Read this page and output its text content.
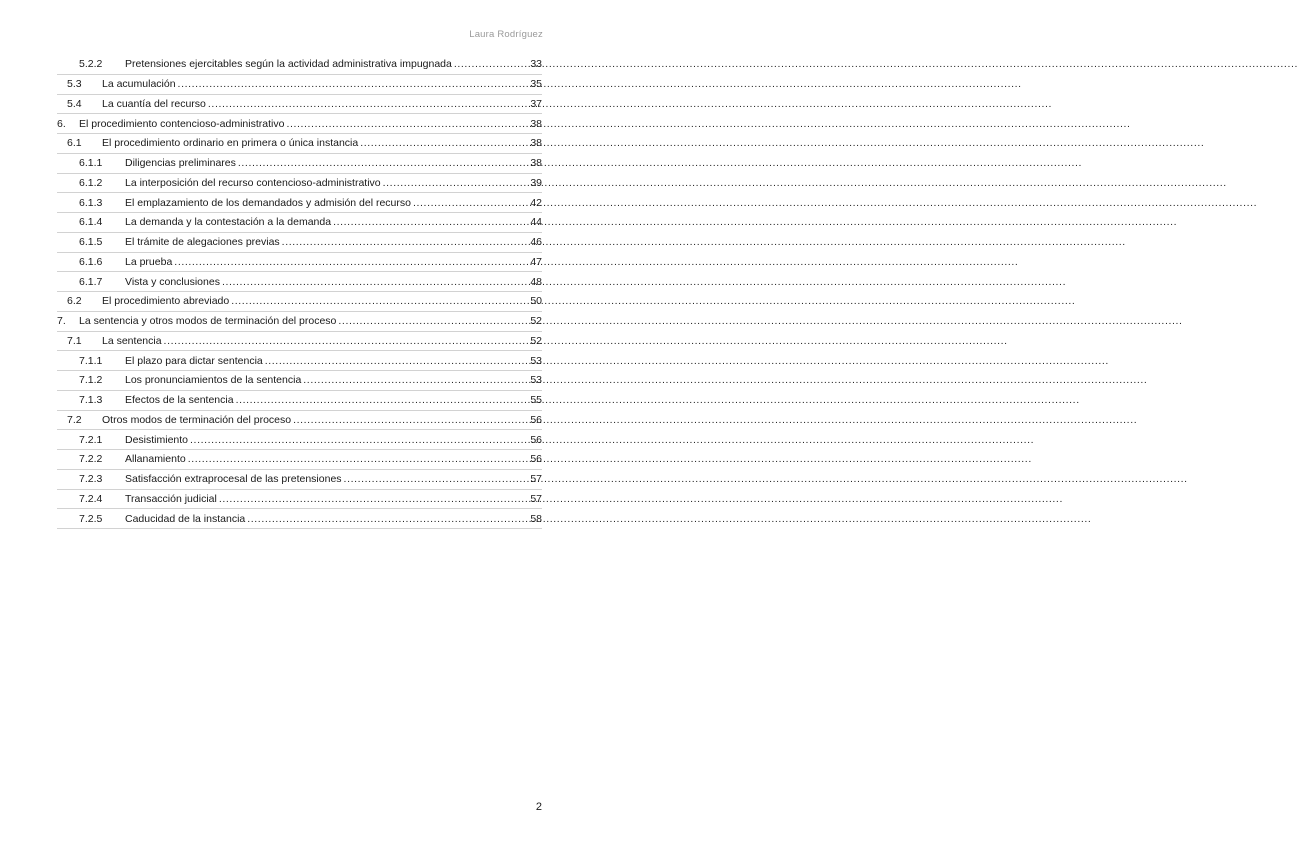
Laura Rodríguez
5.2.2	Pretensiones ejercitables según la actividad administrativa impugnada .....	33
5.3	La acumulación .....	35
5.4	La cuantía del recurso .....	37
6.	El procedimiento contencioso-administrativo .....	38
6.1	El procedimiento ordinario en primera o única instancia .....	38
6.1.1	Diligencias preliminares .....	38
6.1.2	La interposición del recurso contencioso-administrativo .....	39
6.1.3	El emplazamiento de los demandados y admisión del recurso .....	42
6.1.4	La demanda y la contestación a la demanda .....	44
6.1.5	El trámite de alegaciones previas .....	46
6.1.6	La prueba .....	47
6.1.7	Vista y conclusiones .....	48
6.2	El procedimiento abreviado .....	50
7.	La sentencia y otros modos de terminación del proceso .....	52
7.1	La sentencia .....	52
7.1.1	El plazo para dictar sentencia .....	53
7.1.2	Los pronunciamientos de la sentencia .....	53
7.1.3	Efectos de la sentencia .....	55
7.2	Otros modos de terminación del proceso .....	56
7.2.1	Desistimiento .....	56
7.2.2	Allanamiento .....	56
7.2.3	Satisfacción extraprocesal de las pretensiones .....	57
7.2.4	Transacción judicial .....	57
7.2.5	Caducidad de la instancia .....	58
2
